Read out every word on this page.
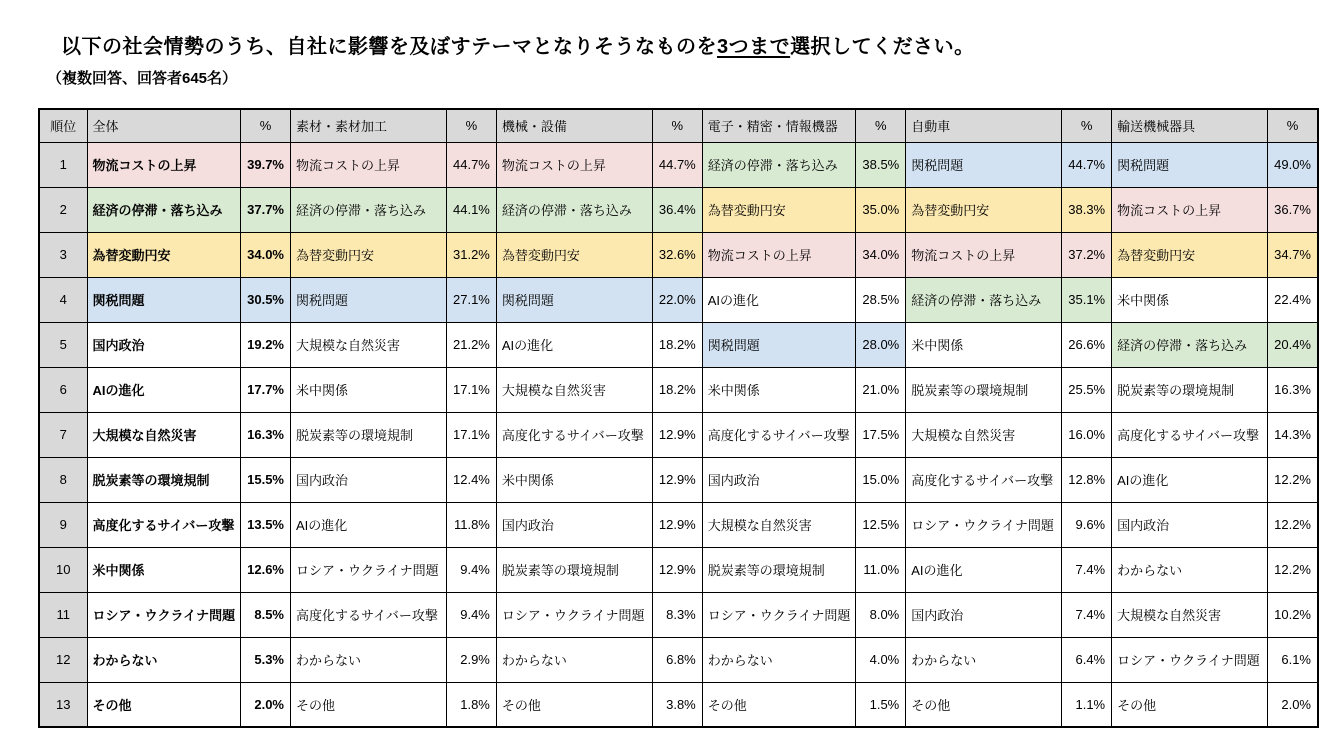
以下の社会情勢のうち、自社に影響を及ぼすテーマとなりそうなものを3つまで選択してください。
（複数回答、回答者645名）
順位	全体	%	素材・素材加工	%	機械・設備	%	電子・精密・情報機器	%	自動車	%	輸送機械器具	%
1	物流コストの上昇	39.7%	物流コストの上昇	44.7%	物流コストの上昇	44.7%	経済の停滞・落ち込み	38.5%	関税問題	44.7%	関税問題	49.0%
2	経済の停滞・落ち込み	37.7%	経済の停滞・落ち込み	44.1%	経済の停滞・落ち込み	36.4%	為替変動円安	35.0%	為替変動円安	38.3%	物流コストの上昇	36.7%
3	為替変動円安	34.0%	為替変動円安	31.2%	為替変動円安	32.6%	物流コストの上昇	34.0%	物流コストの上昇	37.2%	為替変動円安	34.7%
4	関税問題	30.5%	関税問題	27.1%	関税問題	22.0%	AIの進化	28.5%	経済の停滞・落ち込み	35.1%	米中関係	22.4%
5	国内政治	19.2%	大規模な自然災害	21.2%	AIの進化	18.2%	関税問題	28.0%	米中関係	26.6%	経済の停滞・落ち込み	20.4%
6	AIの進化	17.7%	米中関係	17.1%	大規模な自然災害	18.2%	米中関係	21.0%	脱炭素等の環境規制	25.5%	脱炭素等の環境規制	16.3%
7	大規模な自然災害	16.3%	脱炭素等の環境規制	17.1%	高度化するサイバー攻撃	12.9%	高度化するサイバー攻撃	17.5%	大規模な自然災害	16.0%	高度化するサイバー攻撃	14.3%
8	脱炭素等の環境規制	15.5%	国内政治	12.4%	米中関係	12.9%	国内政治	15.0%	高度化するサイバー攻撃	12.8%	AIの進化	12.2%
9	高度化するサイバー攻撃	13.5%	AIの進化	11.8%	国内政治	12.9%	大規模な自然災害	12.5%	ロシア・ウクライナ問題	9.6%	国内政治	12.2%
10	米中関係	12.6%	ロシア・ウクライナ問題	9.4%	脱炭素等の環境規制	12.9%	脱炭素等の環境規制	11.0%	AIの進化	7.4%	わからない	12.2%
11	ロシア・ウクライナ問題	8.5%	高度化するサイバー攻撃	9.4%	ロシア・ウクライナ問題	8.3%	ロシア・ウクライナ問題	8.0%	国内政治	7.4%	大規模な自然災害	10.2%
12	わからない	5.3%	わからない	2.9%	わからない	6.8%	わからない	4.0%	わからない	6.4%	ロシア・ウクライナ問題	6.1%
13	その他	2.0%	その他	1.8%	その他	3.8%	その他	1.5%	その他	1.1%	その他	2.0%
